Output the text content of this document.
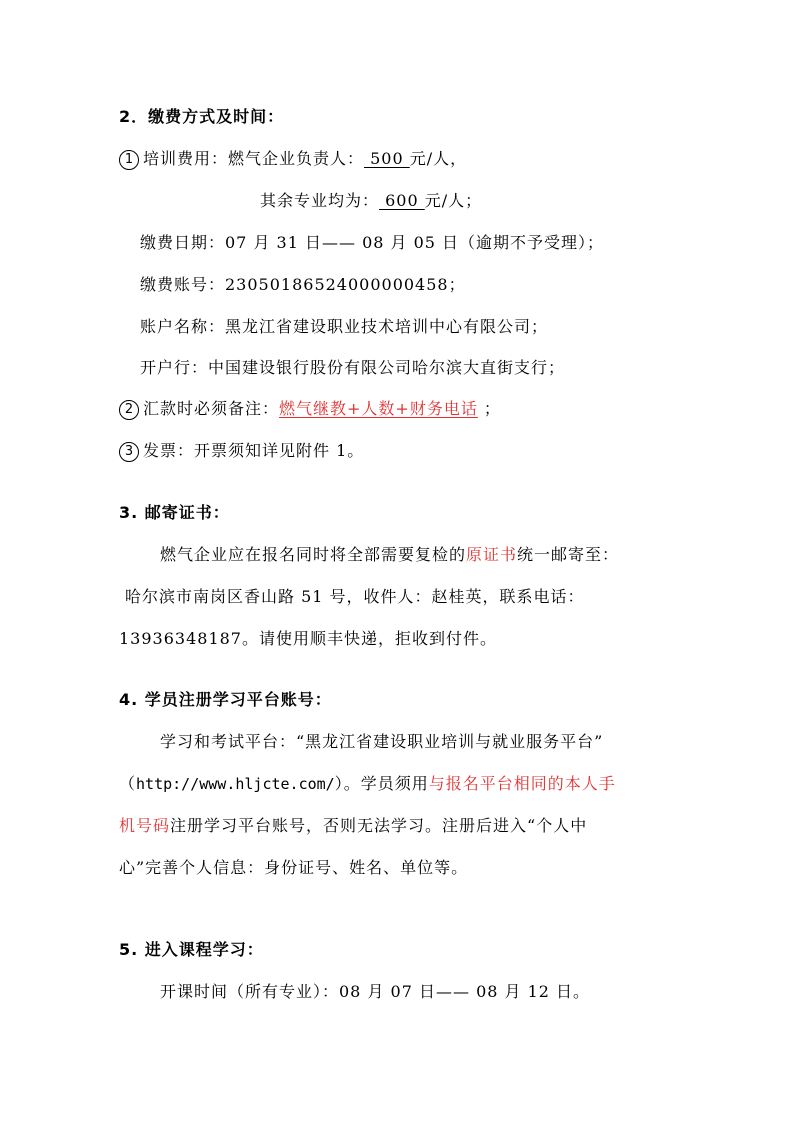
2．缴费方式及时间：
1 培训费用：燃气企业负责人： 500 元/人，
其余专业均为： 600 元/人；
缴费日期：07 月 31 日—— 08 月 05 日（逾期不予受理）；
缴费账号：23050186524000000458；
账户名称：黑龙江省建设职业技术培训中心有限公司；
开户行：中国建设银行股份有限公司哈尔滨大直街支行；
2 汇款时必须备注：燃气继教+人数+财务电话 ；
3 发票：开票须知详见附件 1。
3. 邮寄证书：
燃气企业应在报名同时将全部需要复检的原证书统一邮寄至：
哈尔滨市南岗区香山路 51 号，收件人：赵桂英，联系电话：
13936348187。请使用顺丰快递，拒收到付件。
4. 学员注册学习平台账号：
学习和考试平台：“黑龙江省建设职业培训与就业服务平台”
（http://www.hljcte.com/）。学员须用与报名平台相同的本人手
机号码注册学习平台账号，否则无法学习。注册后进入“个人中
心”完善个人信息：身份证号、姓名、单位等。
5. 进入课程学习：
开课时间（所有专业）：08 月 07 日—— 08 月 12 日。
